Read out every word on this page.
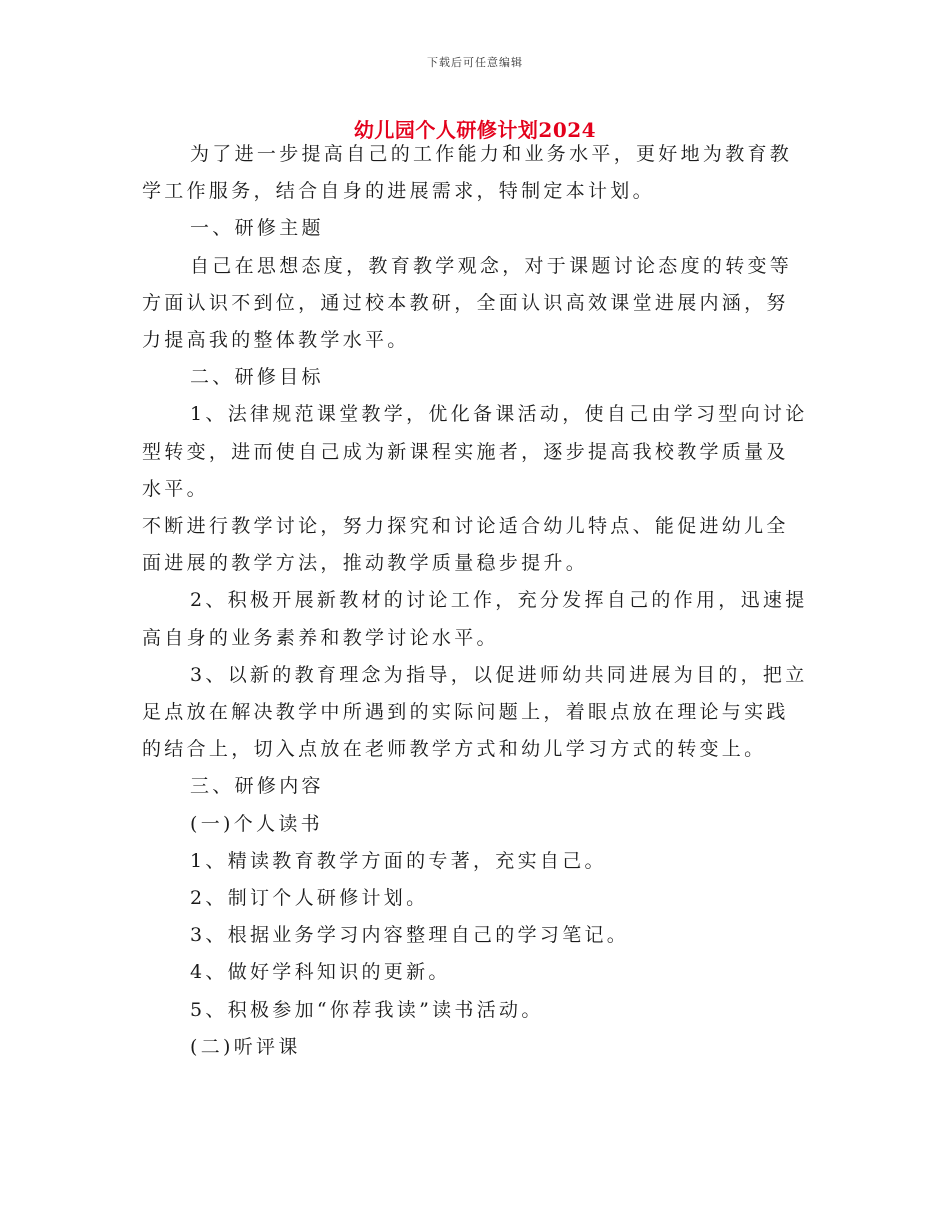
下载后可任意编辑
幼儿园个人研修计划2024

为了进一步提高自己的工作能力和业务水平，更好地为教育教学工作服务，结合自身的进展需求，特制定本计划。

一、研修主题

自己在思想态度，教育教学观念，对于课题讨论态度的转变等方面认识不到位，通过校本教研，全面认识高效课堂进展内涵，努力提高我的整体教学水平。

二、研修目标

1、法律规范课堂教学，优化备课活动，使自己由学习型向讨论型转变，进而使自己成为新课程实施者，逐步提高我校教学质量及水平。

不断进行教学讨论，努力探究和讨论适合幼儿特点、能促进幼儿全面进展的教学方法，推动教学质量稳步提升。

2、积极开展新教材的讨论工作，充分发挥自己的作用，迅速提高自身的业务素养和教学讨论水平。

3、以新的教育理念为指导，以促进师幼共同进展为目的，把立足点放在解决教学中所遇到的实际问题上，着眼点放在理论与实践的结合上，切入点放在老师教学方式和幼儿学习方式的转变上。

三、研修内容

(一)个人读书

1、精读教育教学方面的专著，充实自己。

2、制订个人研修计划。

3、根据业务学习内容整理自己的学习笔记。

4、做好学科知识的更新。

5、积极参加“你荐我读”读书活动。

(二)听评课
